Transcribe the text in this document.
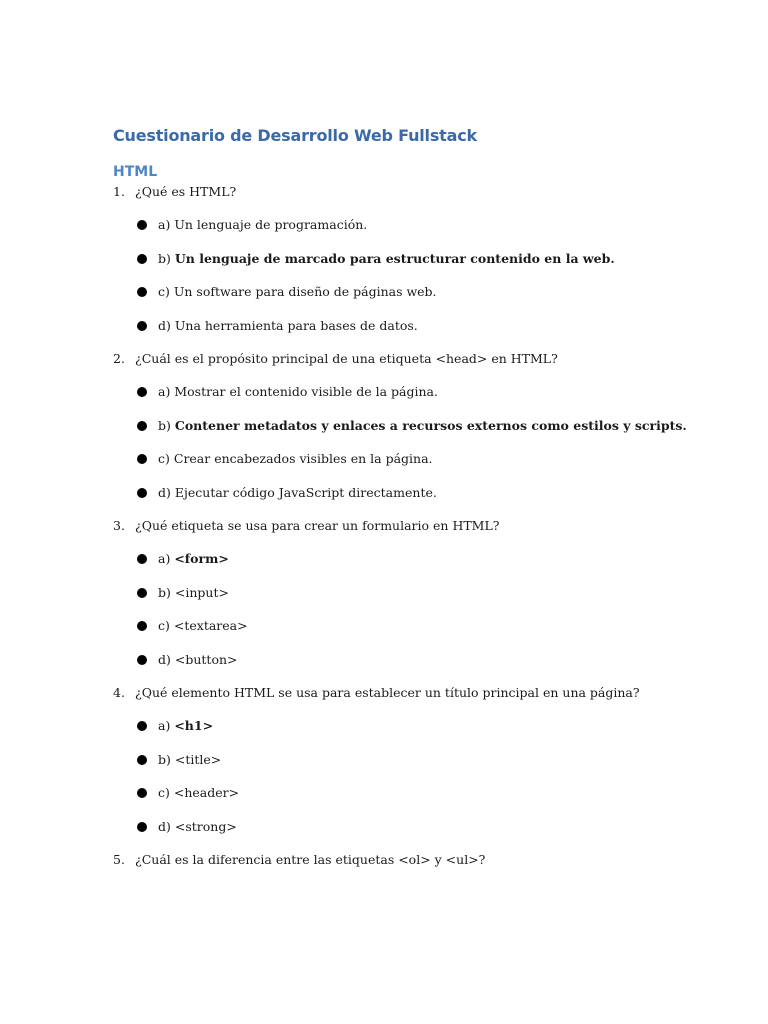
Cuestionario de Desarrollo Web Fullstack
HTML
1. ¿Qué es HTML?
a) Un lenguaje de programación.
b) Un lenguaje de marcado para estructurar contenido en la web.
c) Un software para diseño de páginas web.
d) Una herramienta para bases de datos.
2. ¿Cuál es el propósito principal de una etiqueta <head> en HTML?
a) Mostrar el contenido visible de la página.
b) Contener metadatos y enlaces a recursos externos como estilos y scripts.
c) Crear encabezados visibles en la página.
d) Ejecutar código JavaScript directamente.
3. ¿Qué etiqueta se usa para crear un formulario en HTML?
a) <form>
b) <input>
c) <textarea>
d) <button>
4. ¿Qué elemento HTML se usa para establecer un título principal en una página?
a) <h1>
b) <title>
c) <header>
d) <strong>
5. ¿Cuál es la diferencia entre las etiquetas <ol> y <ul>?
